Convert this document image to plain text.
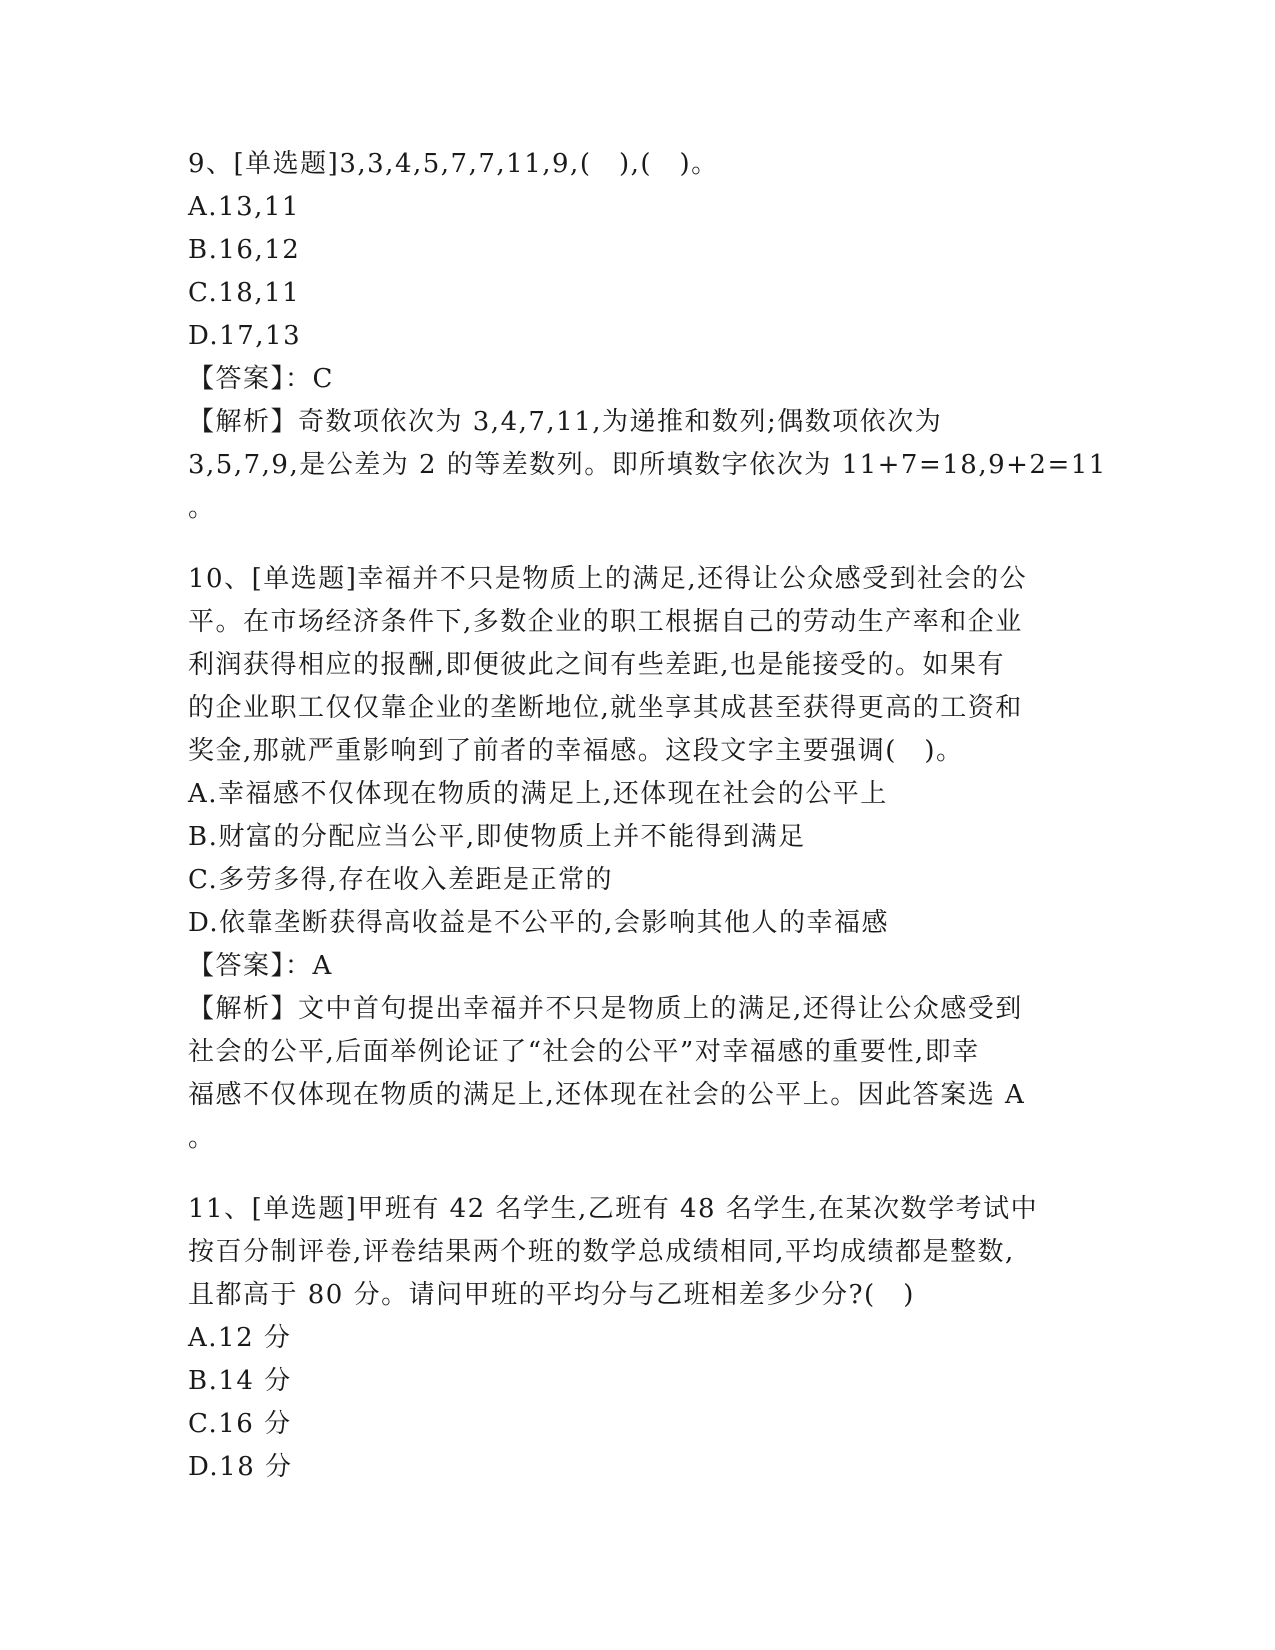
9、[单选题]3,3,4,5,7,7,11,9,(　),(　)。
A.13,11
B.16,12
C.18,11
D.17,13
【答案】：C
【解析】奇数项依次为 3,4,7,11,为递推和数列;偶数项依次为
3,5,7,9,是公差为 2 的等差数列。即所填数字依次为 11+7=18,9+2=11
。
10、[单选题]幸福并不只是物质上的满足,还得让公众感受到社会的公
平。在市场经济条件下,多数企业的职工根据自己的劳动生产率和企业
利润获得相应的报酬,即便彼此之间有些差距,也是能接受的。如果有
的企业职工仅仅靠企业的垄断地位,就坐享其成甚至获得更高的工资和
奖金,那就严重影响到了前者的幸福感。这段文字主要强调(　)。
A.幸福感不仅体现在物质的满足上,还体现在社会的公平上
B.财富的分配应当公平,即使物质上并不能得到满足
C.多劳多得,存在收入差距是正常的
D.依靠垄断获得高收益是不公平的,会影响其他人的幸福感
【答案】：A
【解析】文中首句提出幸福并不只是物质上的满足,还得让公众感受到
社会的公平,后面举例论证了“社会的公平”对幸福感的重要性,即幸
福感不仅体现在物质的满足上,还体现在社会的公平上。因此答案选 A
。
11、[单选题]甲班有 42 名学生,乙班有 48 名学生,在某次数学考试中
按百分制评卷,评卷结果两个班的数学总成绩相同,平均成绩都是整数,
且都高于 80 分。请问甲班的平均分与乙班相差多少分?(　)
A.12 分
B.14 分
C.16 分
D.18 分
